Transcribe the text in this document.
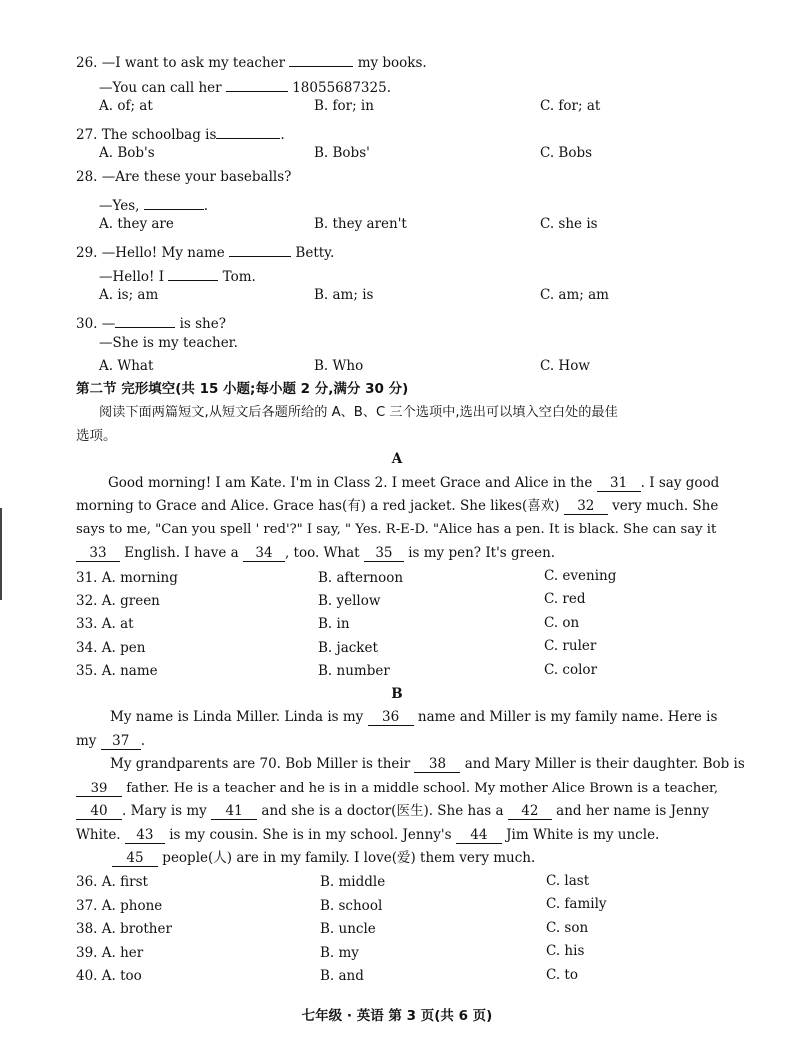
26. —I want to ask my teacher	my books.
—You can call her	18055687325.
A. of; at	B. for; in	C. for; at
27. The schoolbag is	.
A. Bob's	B. Bobs'	C. Bobs
28. —Are these your baseballs?
—Yes,	.
A. they are	B. they aren't	C. she is
29. —Hello! My name	Betty.
—Hello! I	Tom.
A. is; am	B. am; is	C. am; am
30. —	is she?
—She is my teacher.
A. What	B. Who	C. How
第二节 完形填空(共 15 小题;每小题 2 分,满分 30 分)
阅读下面两篇短文,从短文后各题所给的 A、B、C 三个选项中,选出可以填入空白处的最佳
选项。
A
Good morning! I am Kate. I'm in Class 2. I meet Grace and Alice in the 31 . I say good
morning to Grace and Alice. Grace has(有) a red jacket. She likes(喜欢) 32 very much. She
says to me, "Can you spell ' red'?" I say, " Yes. R-E-D. "Alice has a pen. It is black. She can say it
33 English. I have a 34 , too. What 35 is my pen? It's green.
31. A. morning	B. afternoon	C. evening
32. A. green	B. yellow	C. red
33. A. at	B. in	C. on
34. A. pen	B. jacket	C. ruler
35. A. name	B. number	C. color
B
My name is Linda Miller. Linda is my 36 name and Miller is my family name. Here is
my 37 .
My grandparents are 70. Bob Miller is their 38 and Mary Miller is their daughter. Bob is
39 father. He is a teacher and he is in a middle school. My mother Alice Brown is a teacher,
40 . Mary is my 41 and she is a doctor(医生). She has a 42 and her name is Jenny
White. 43 is my cousin. She is in my school. Jenny's 44 Jim White is my uncle.
45 people(人) are in my family. I love(爱) them very much.
36. A. first	B. middle	C. last
37. A. phone	B. school	C. family
38. A. brother	B. uncle	C. son
39. A. her	B. my	C. his
40. A. too	B. and	C. to
七年级 · 英语 第 3 页(共 6 页)
